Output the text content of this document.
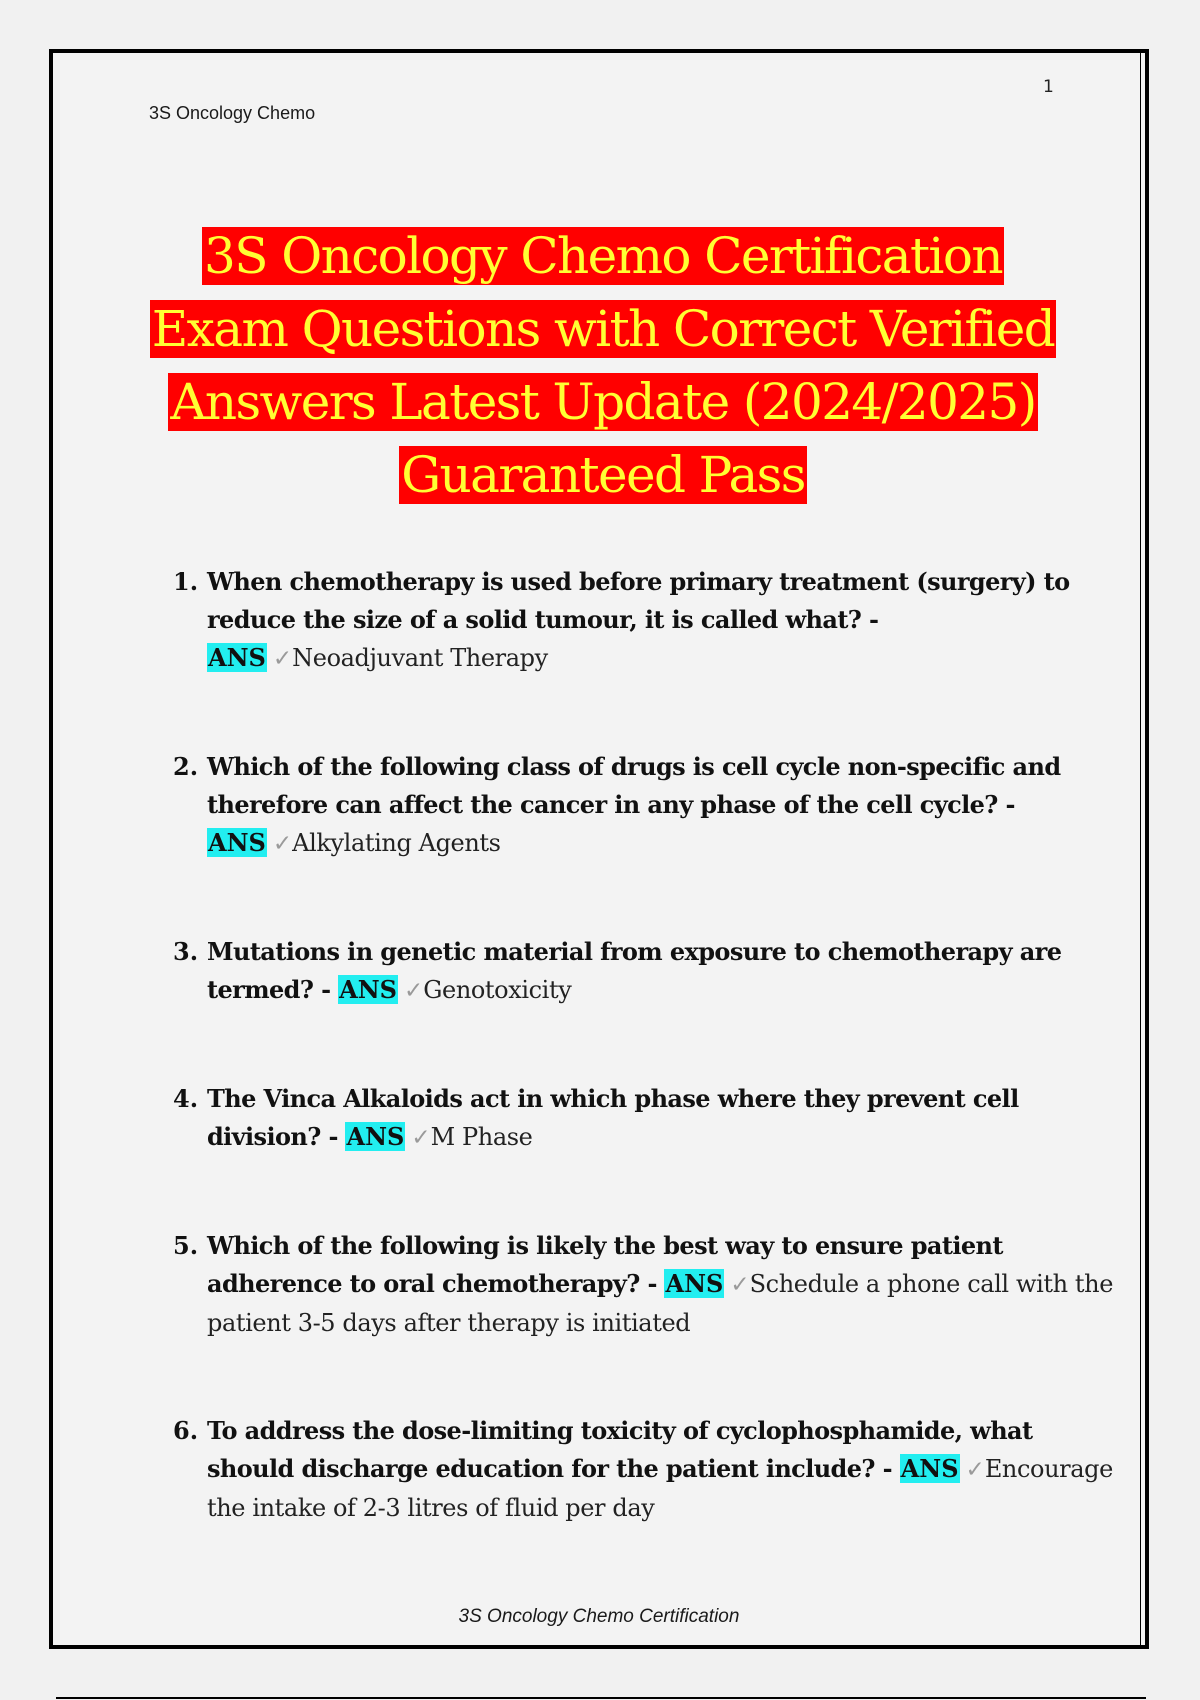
1
3S Oncology Chemo
3S Oncology Chemo Certification
Exam Questions with Correct Verified
Answers Latest Update (2024/2025)
Guaranteed Pass
1. When chemotherapy is used before primary treatment (surgery) to reduce the size of a solid tumour, it is called what? - ANS ✓Neoadjuvant Therapy
2. Which of the following class of drugs is cell cycle non-specific and therefore can affect the cancer in any phase of the cell cycle? - ANS ✓Alkylating Agents
3. Mutations in genetic material from exposure to chemotherapy are termed? - ANS ✓Genotoxicity
4. The Vinca Alkaloids act in which phase where they prevent cell division? - ANS ✓M Phase
5. Which of the following is likely the best way to ensure patient adherence to oral chemotherapy? - ANS ✓Schedule a phone call with the patient 3-5 days after therapy is initiated
6. To address the dose-limiting toxicity of cyclophosphamide, what should discharge education for the patient include? - ANS ✓Encourage the intake of 2-3 litres of fluid per day
3S Oncology Chemo Certification
